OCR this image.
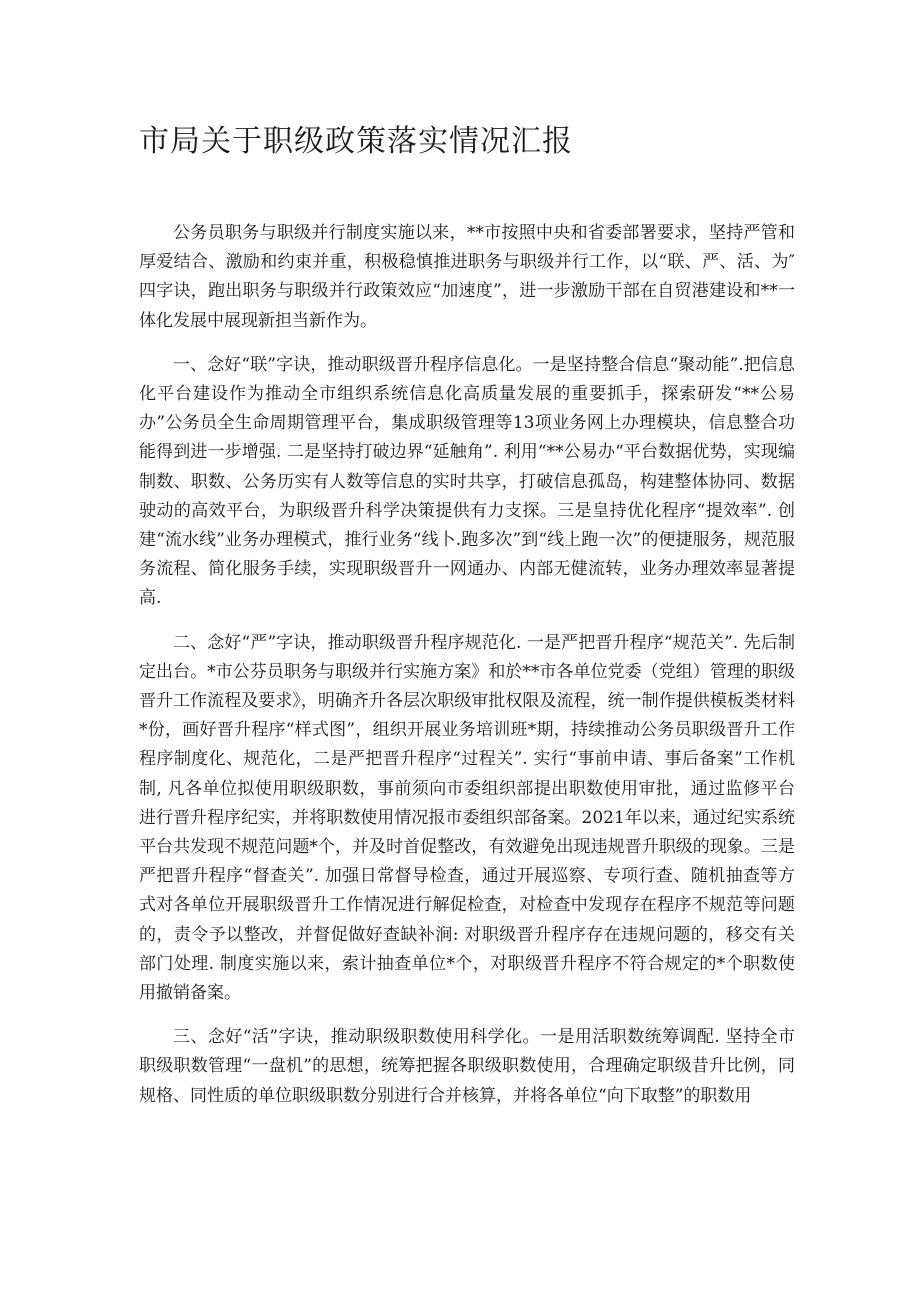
市局关于职级政策落实情况汇报

公务员职务与职级并行制度实施以来，**市按照中央和省委部署要求，坚持严管和厚爱结合、激励和约束并重，积极稳慎推进职务与职级并行工作，以“联、严、活、为″四字诀，跑出职务与职级并行政策效应“加速度”，进一步激励干部在自贸港建设和**一体化发展中展现新担当新作为。

一、念好“联”字诀，推动职级晋升程序信息化。一是坚持整合信息“聚动能”.把信息化平台建设作为推动全市组织系统信息化高质量发展的重要抓手，探索研发“**公易办”公务员全生命周期管理平台，集成职级管理等13项业务网上办理模块，信息整合功能得到进一步增强. 二是坚持打破边界“延触角”. 利用“**公易办“平台数据优势，实现编制数、职数、公务历实有人数等信息的实时共享，打破信息孤岛，构建整体协同、数据驶动的高效平台，为职级晋升科学决策提供有力支探。三是皇持优化程序“提效率”. 创建“流水线”业务办理模式，推行业务“线卜.跑多次”到“线上跑一次”的便捷服务，规范服务流程、简化服务手续，实现职级晋升一网通办、内部无健流转，业务办理效率显著提高.

二、念好“严”字诀，推动职级晋升程序规范化. 一是严把晋升程序“规范关”. 先后制定出台。*市公芬员职务与职级并行实施方案》和於**市各单位党委（党组）管理的职级晋升工作流程及要求》，明确齐升各层次职级审批权限及流程，统一制作提供模板类材料*份，画好晋升程序“样式图”，组织开展业务培训班*期，持续推动公务员职级晋升工作程序制度化、规范化，二是严把晋升程序“过程关”. 实行“事前申请、事后备案”工作机制, 凡各单位拟使用职级职数，事前须向市委组织部提出职数使用审批，通过监修平台进行晋升程序纪实，并将职数使用情况报市委组织部备案。2021年以来，通过纪实系统平台共发现不规范问题*个，并及时首促整改，有效避免出现违规晋升职级的现象。三是严把晋升程序“督查关”. 加强日常督导检查，通过开展巡察、专项行查、随机抽查等方式对各单位开展职级晋升工作情况进行解促检查，对检查中发现存在程序不规范等问题的，责令予以整改，并督促做好查缺补涧: 对职级晋升程序存在违规问题的，移交有关部门处理. 制度实施以来，索计抽查单位*个，对职级晋升程序不符合规定的*个职数使用撤销备案。

三、念好“活”字诀，推动职级职数使用科学化。一是用活职数统筹调配. 坚持全市职级职数管理“一盘机”的思想，统筹把握各职级职数使用，合理确定职级昔升比例，同规格、同性质的单位职级职数分别进行合并核算，并将各单位“向下取整”的职数用
